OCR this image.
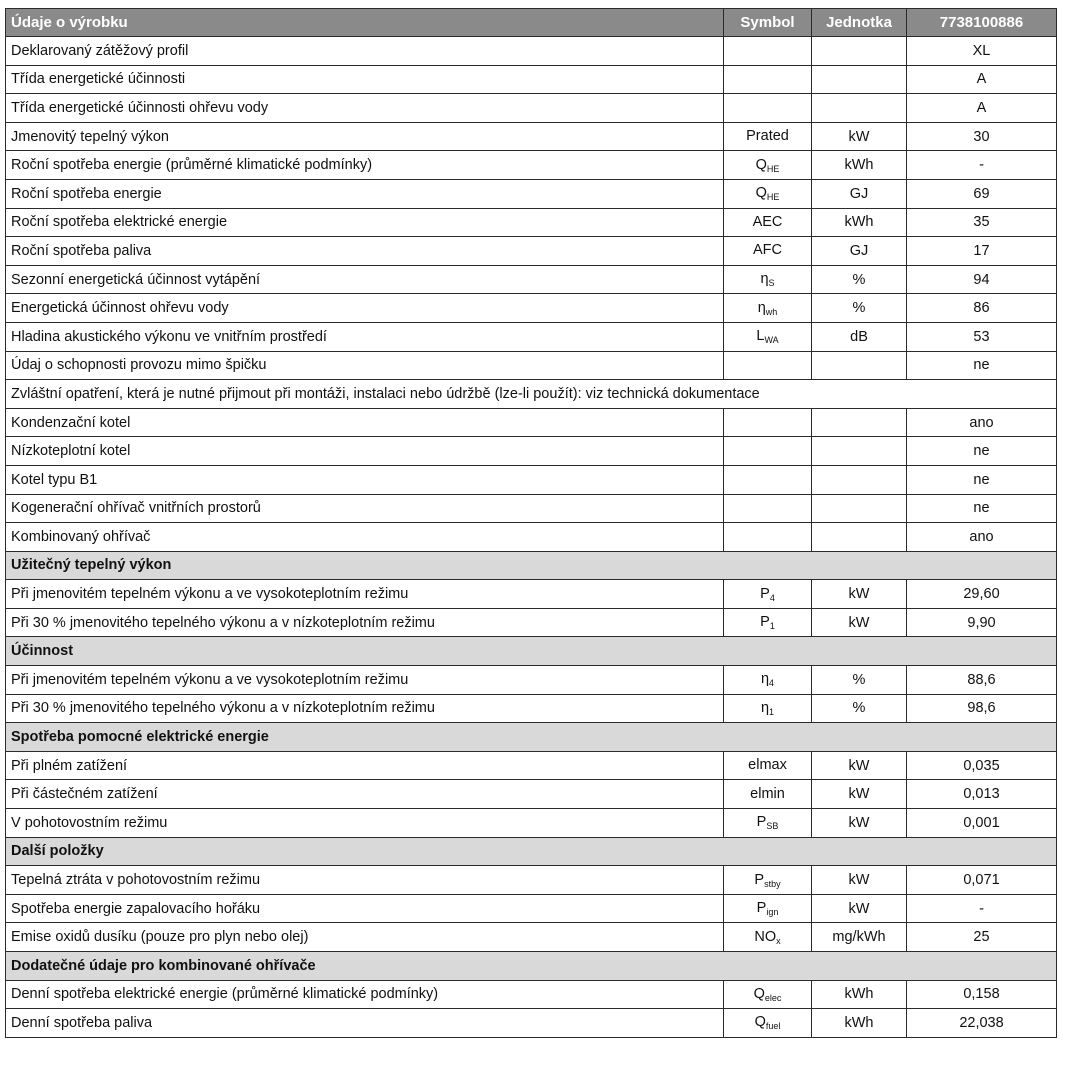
Údaje o výrobku	Symbol	Jednotka	7738100886
Deklarovaný zátěžový profil			XL
Třída energetické účinnosti			A
Třída energetické účinnosti ohřevu vody			A
Jmenovitý tepelný výkon	Prated	kW	30
Roční spotřeba energie (průměrné klimatické podmínky)	$Q_{HE}$	kWh	-
Roční spotřeba energie	$Q_{HE}$	GJ	69
Roční spotřeba elektrické energie	AEC	kWh	35
Roční spotřeba paliva	AFC	GJ	17
Sezonní energetická účinnost vytápění	$\eta_S$	%	94
Energetická účinnost ohřevu vody	$\eta_{wh}$	%	86
Hladina akustického výkonu ve vnitřním prostředí	$L_{WA}$	dB	53
Údaj o schopnosti provozu mimo špičku			ne
Zvláštní opatření, která je nutné přijmout při montáži, instalaci nebo údržbě (lze-li použít): viz technická dokumentace			
Kondenzační kotel			ano
Nízkoteplotní kotel			ne
Kotel typu B1			ne
Kogenerační ohřívač vnitřních prostorů			ne
Kombinovaný ohřívač			ano
Užitečný tepelný výkon			
Při jmenovitém tepelném výkonu a ve vysokoteplotním režimu	$P_4$	kW	29,60
Při 30 % jmenovitého tepelného výkonu a v nízkoteplotním režimu	$P_1$	kW	9,90
Účinnost			
Při jmenovitém tepelném výkonu a ve vysokoteplotním režimu	$\eta_4$	%	88,6
Při 30 % jmenovitého tepelného výkonu a v nízkoteplotním režimu	$\eta_1$	%	98,6
Spotřeba pomocné elektrické energie			
Při plném zatížení	elmax	kW	0,035
Při částečném zatížení	elmin	kW	0,013
V pohotovostním režimu	$P_{SB}$	kW	0,001
Další položky			
Tepelná ztráta v pohotovostním režimu	$P_{stby}$	kW	0,071
Spotřeba energie zapalovacího hořáku	$P_{ign}$	kW	-
Emise oxidů dusíku (pouze pro plyn nebo olej)	$NO_x$	mg/kWh	25
Dodatečné údaje pro kombinované ohřívače			
Denní spotřeba elektrické energie (průměrné klimatické podmínky)	$Q_{elec}$	kWh	0,158
Denní spotřeba paliva	$Q_{fuel}$	kWh	22,038
